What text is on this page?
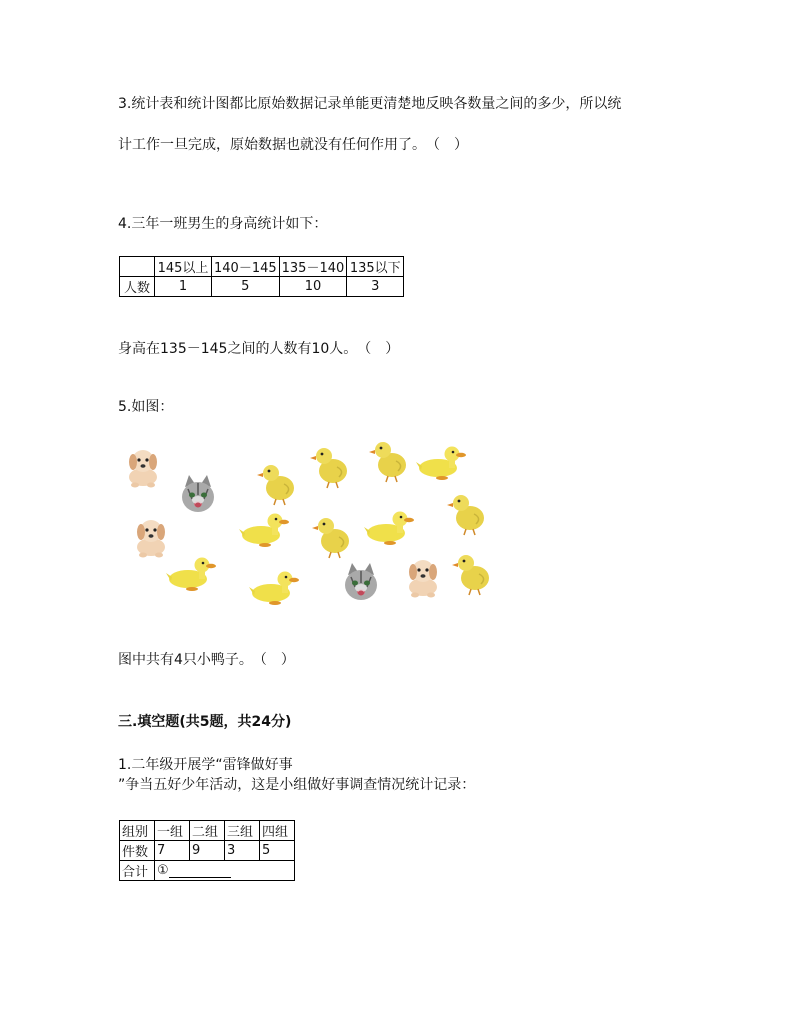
3.统计表和统计图都比原始数据记录单能更清楚地反映各数量之间的多少，所以统
计工作一旦完成，原始数据也就没有任何作用了。　（　）
4.三年一班男生的身高统计如下：
	145以上	140－145	135－140	135以下
人数	1	5	10	3
身高在135－145之间的人数有10人。　（　）
5.如图：
图中共有4只小鸭子。　（　）
三.填空题(共5题，共24分)
1.二年级开展学“雷锋做好事
”争当五好少年活动，这是小组做好事调查情况统计记录：
组别	一组	二组	三组	四组
件数	7	9	3	5
合计	①			
